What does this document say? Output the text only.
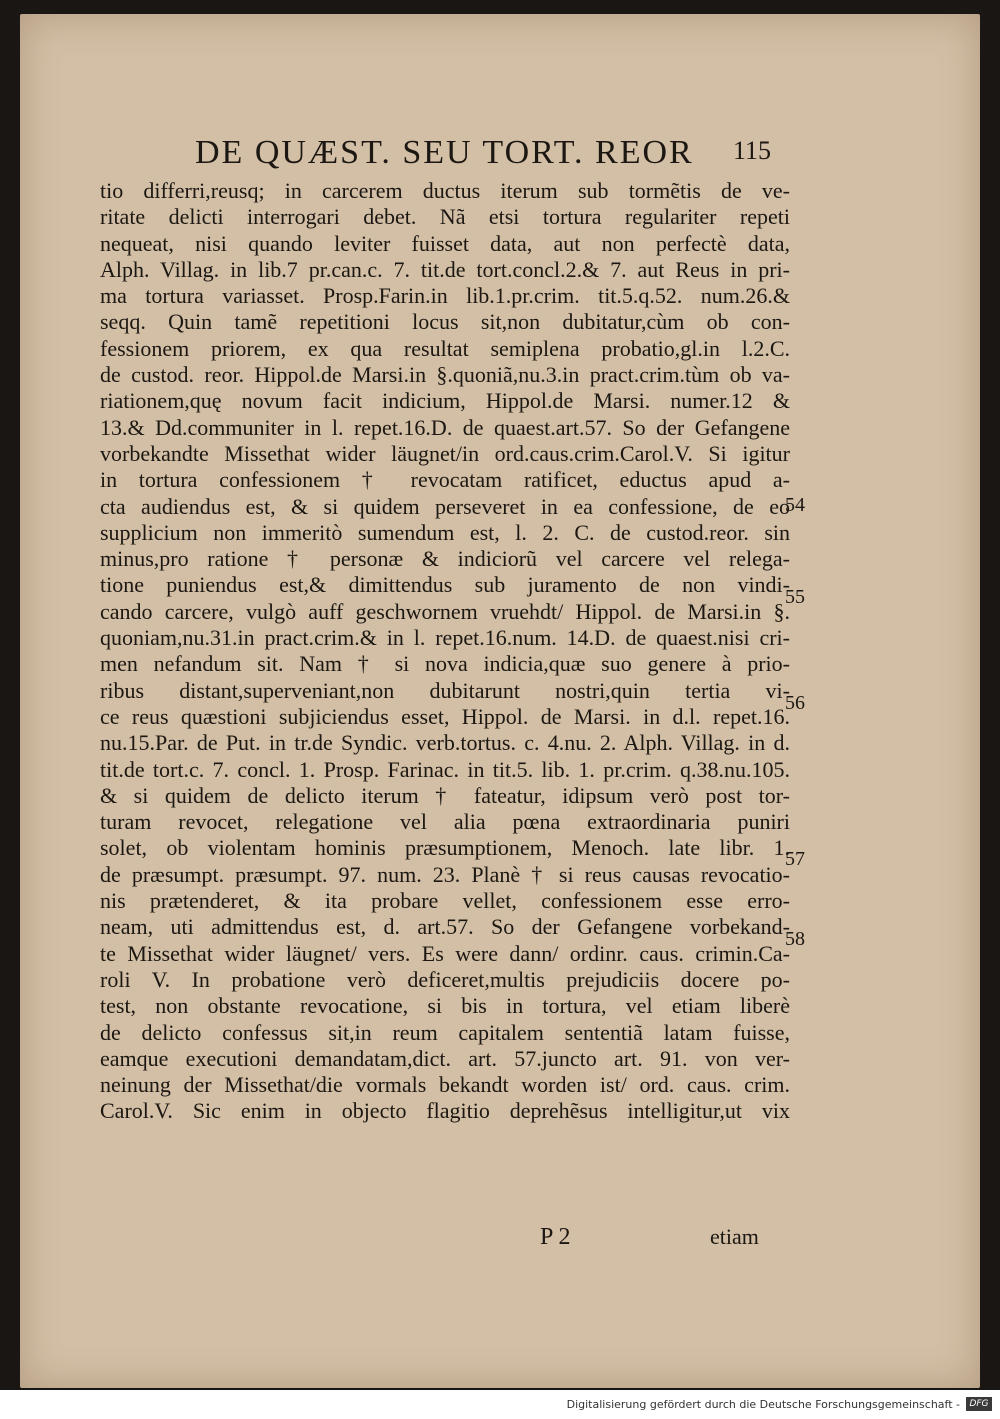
DE QUÆST. SEU TORT. REOR 115
tio differri,reusq; in carcerem ductus iterum sub tormẽtis de ve-
ritate delicti interrogari debet. Nã etsi tortura regulariter repeti
nequeat, nisi quando leviter fuisset data, aut non perfectè data,
Alph. Villag. in lib.7 pr.can.c. 7. tit.de tort.concl.2.& 7. aut Reus in pri-
ma tortura variasset. Prosp.Farin.in lib.1.pr.crim. tit.5.q.52. num.26.&
seqq. Quin tamẽ repetitioni locus sit,non dubitatur,cùm ob con-
fessionem priorem, ex qua resultat semiplena probatio,gl.in l.2.C.
de custod. reor. Hippol.de Marsi.in §.quoniã,nu.3.in pract.crim.tùm ob va-
riationem,quę novum facit indicium, Hippol.de Marsi. numer.12 &
13.& Dd.communiter in l. repet.16.D. de quaest.art.57. So der Gefangene
vorbekandte Missethat wider läugnet/in ord.caus.crim.Carol.V. Si igitur
in tortura confessionem † revocatam ratificet, eductus apud a-
cta audiendus est, & si quidem perseveret in ea confessione, de eo
supplicium non immeritò sumendum est, l. 2. C. de custod.reor. sin
minus,pro ratione † personæ & indiciorũ vel carcere vel relega-
tione puniendus est,& dimittendus sub juramento de non vindi-
cando carcere, vulgò auff geschwornem vruehdt/ Hippol. de Marsi.in §.
quoniam,nu.31.in pract.crim.& in l. repet.16.num. 14.D. de quaest.nisi cri-
men nefandum sit. Nam † si nova indicia,quæ suo genere à prio-
ribus distant,superveniant,non dubitarunt nostri,quin tertia vi-
ce reus quæstioni subjiciendus esset, Hippol. de Marsi. in d.l. repet.16.
nu.15.Par. de Put. in tr.de Syndic. verb.tortus. c. 4.nu. 2. Alph. Villag. in d.
tit.de tort.c. 7. concl. 1. Prosp. Farinac. in tit.5. lib. 1. pr.crim. q.38.nu.105.
& si quidem de delicto iterum † fateatur, idipsum verò post tor-
turam revocet, relegatione vel alia pœna extraordinaria puniri
solet, ob violentam hominis præsumptionem, Menoch. late libr. 1.
de præsumpt. præsumpt. 97. num. 23. Planè † si reus causas revocatio-
nis prætenderet, & ita probare vellet, confessionem esse erro-
neam, uti admittendus est, d. art.57. So der Gefangene vorbekand-
te Missethat wider läugnet/ vers. Es were dann/ ordinr. caus. crimin.Ca-
roli V. In probatione verò deficeret,multis prejudiciis docere po-
test, non obstante revocatione, si bis in tortura, vel etiam liberè
de delicto confessus sit,in reum capitalem sententiã latam fuisse,
eamque executioni demandatam,dict. art. 57.juncto art. 91. von ver-
neinung der Missethat/die vormals bekandt worden ist/ ord. caus. crim.
Carol.V. Sic enim in objecto flagitio deprehẽsus intelligitur,ut vix
54
55
56
57
58
P 2	etiam
Digitalisierung gefördert durch die Deutsche Forschungsgemeinschaft -	DFG
